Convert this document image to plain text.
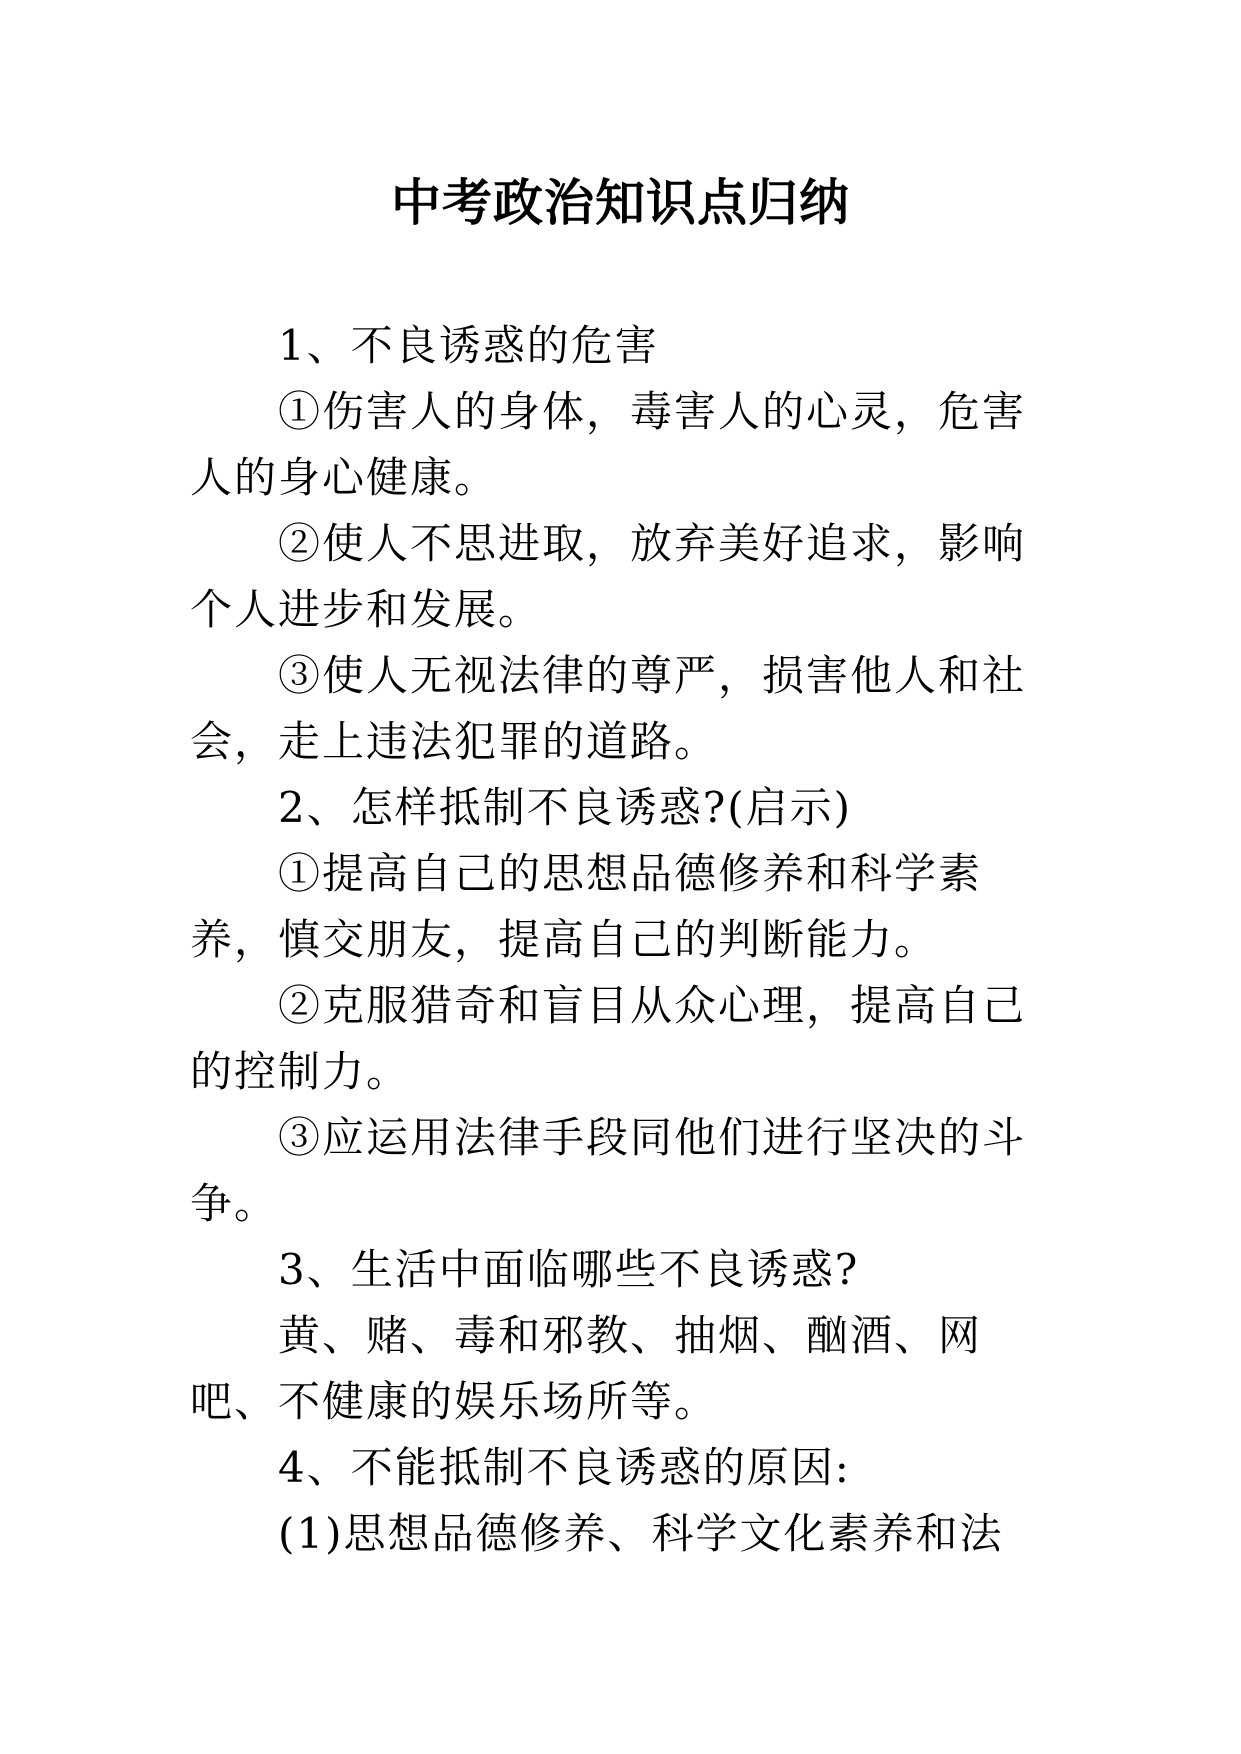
中考政治知识点归纳

1、不良诱惑的危害

①伤害人的身体，毒害人的心灵，危害人的身心健康。

②使人不思进取，放弃美好追求，影响个人进步和发展。

③使人无视法律的尊严，损害他人和社会，走上违法犯罪的道路。

2、怎样抵制不良诱惑?(启示)

①提高自己的思想品德修养和科学素养，慎交朋友，提高自己的判断能力。

②克服猎奇和盲目从众心理，提高自己的控制力。

③应运用法律手段同他们进行坚决的斗争。

3、生活中面临哪些不良诱惑?

黄、赌、毒和邪教、抽烟、酗酒、网吧、不健康的娱乐场所等。

4、不能抵制不良诱惑的原因:

(1)思想品德修养、科学文化素养和法
